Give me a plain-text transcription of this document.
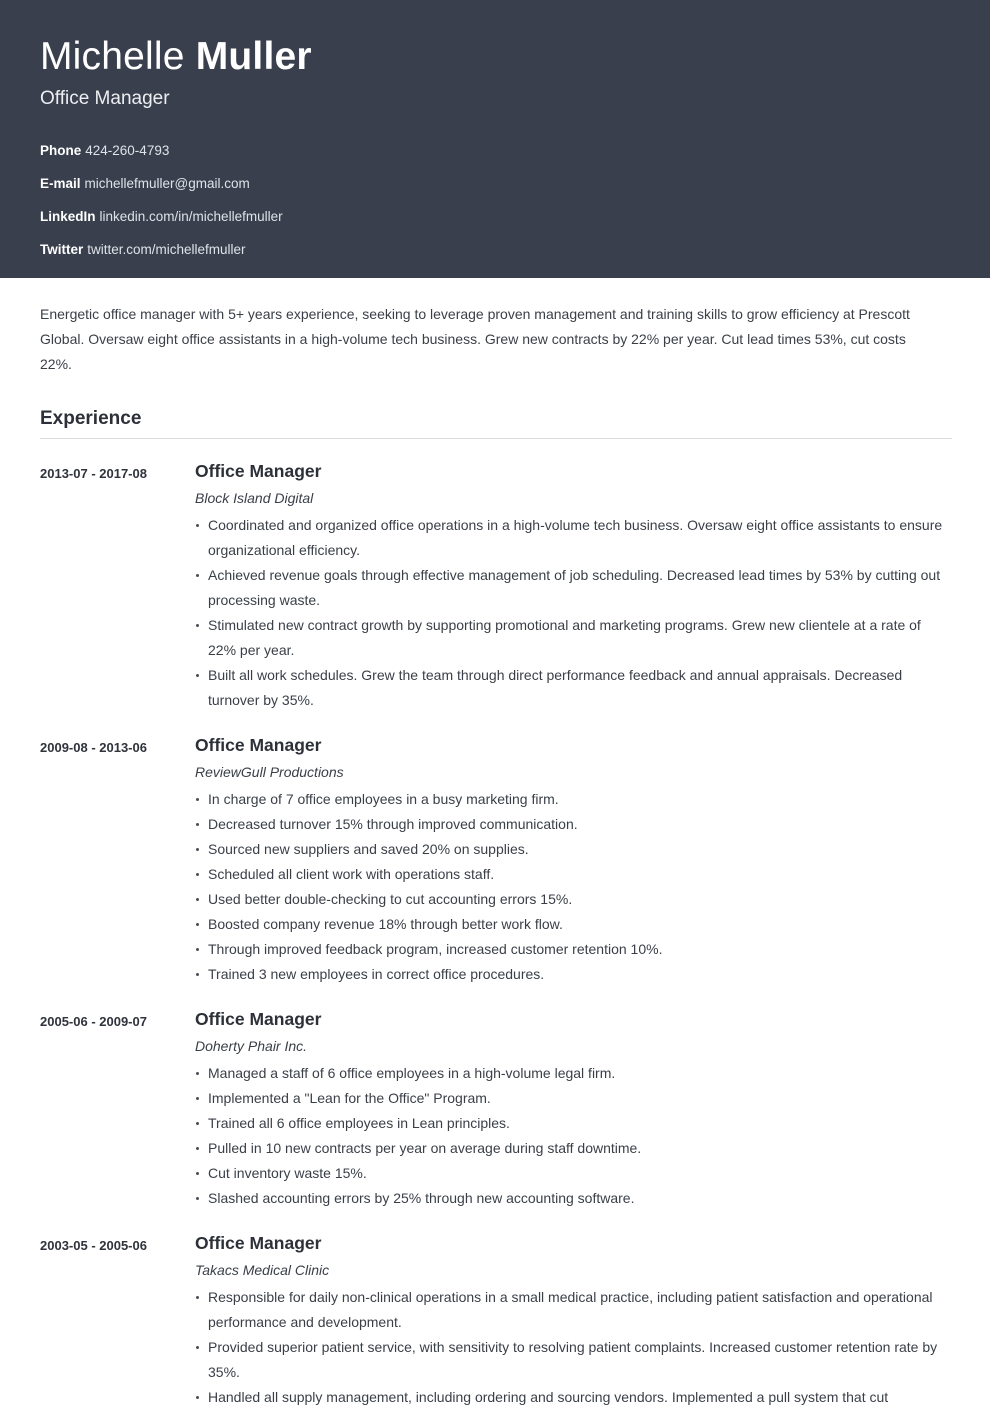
Michelle Muller
Office Manager
Phone 424-260-4793
E-mail michellefmuller@gmail.com
LinkedIn linkedin.com/in/michellefmuller
Twitter twitter.com/michellefmuller

Energetic office manager with 5+ years experience, seeking to leverage proven management and training skills to grow efficiency at Prescott Global. Oversaw eight office assistants in a high-volume tech business. Grew new contracts by 22% per year. Cut lead times 53%, cut costs 22%.

Experience
2013-07 - 2017-08	Office Manager
Block Island Digital
Coordinated and organized office operations in a high-volume tech business. Oversaw eight office assistants to ensure organizational efficiency.
Achieved revenue goals through effective management of job scheduling. Decreased lead times by 53% by cutting out processing waste.
Stimulated new contract growth by supporting promotional and marketing programs. Grew new clientele at a rate of 22% per year.
Built all work schedules. Grew the team through direct performance feedback and annual appraisals. Decreased turnover by 35%.
2009-08 - 2013-06	Office Manager
ReviewGull Productions
In charge of 7 office employees in a busy marketing firm.
Decreased turnover 15% through improved communication.
Sourced new suppliers and saved 20% on supplies.
Scheduled all client work with operations staff.
Used better double-checking to cut accounting errors 15%.
Boosted company revenue 18% through better work flow.
Through improved feedback program, increased customer retention 10%.
Trained 3 new employees in correct office procedures.
2005-06 - 2009-07	Office Manager
Doherty Phair Inc.
Managed a staff of 6 office employees in a high-volume legal firm.
Implemented a "Lean for the Office" Program.
Trained all 6 office employees in Lean principles.
Pulled in 10 new contracts per year on average during staff downtime.
Cut inventory waste 15%.
Slashed accounting errors by 25% through new accounting software.
2003-05 - 2005-06	Office Manager
Takacs Medical Clinic
Responsible for daily non-clinical operations in a small medical practice, including patient satisfaction and operational performance and development.
Provided superior patient service, with sensitivity to resolving patient complaints. Increased customer retention rate by 35%.
Handled all supply management, including ordering and sourcing vendors. Implemented a pull system that cut
